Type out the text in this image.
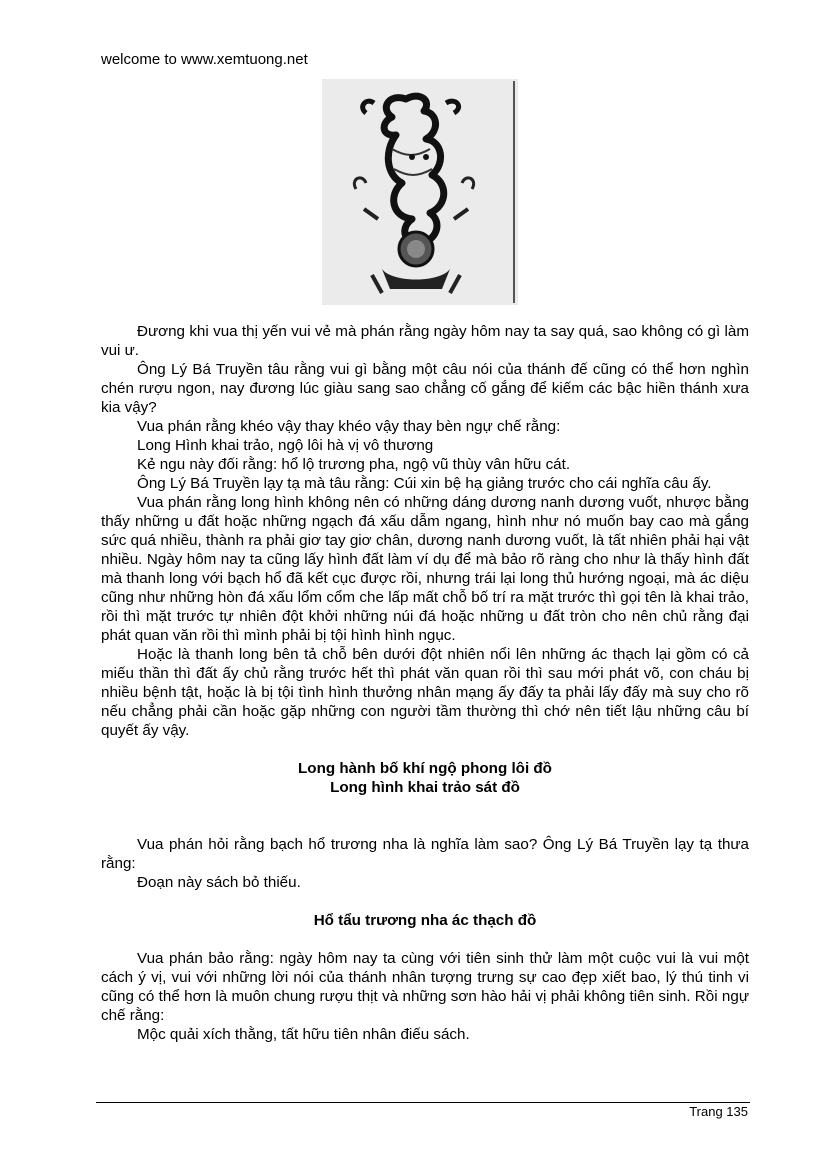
welcome to www.xemtuong.net

Đương khi vua thị yến vui vẻ mà phán rằng ngày hôm nay ta say quá, sao không có gì làm vui ư.

Ông Lý Bá Truyền tâu rằng vui gì bằng một câu nói của thánh đế cũng có thể hơn nghìn chén rượu ngon, nay đương lúc giàu sang sao chẳng cố gắng để kiếm các bậc hiền thánh xưa kia vậy?

Vua phán rằng khéo vậy thay khéo vậy thay bèn ngự chế rằng:

Long Hình khai trảo, ngộ lôi hà vị vô thương

Kẻ ngu này đối rằng: hổ lộ trương pha, ngộ vũ thùy vân hữu cát.

Ông Lý Bá Truyền lạy tạ mà tâu rằng: Cúi xin bệ hạ giảng trước cho cái nghĩa câu ấy.

Vua phán rằng long hình không nên có những dáng dương nanh dương vuốt, nhược bằng thấy những u đất hoặc những ngạch đá xấu dẫm ngang, hình như nó muốn bay cao mà gắng sức quá nhiều, thành ra phải giơ tay giơ chân, dương nanh dương vuốt, là tất nhiên phải hại vật nhiều. Ngày hôm nay ta cũng lấy hình đất làm ví dụ để mà bảo rõ ràng cho như là thấy hình đất mà thanh long với bạch hổ đã kết cục được rồi, nhưng trái lại long thủ hướng ngoại, mà ác diệu cũng như những hòn đá xấu lổm cổm che lấp mất chỗ bố trí ra mặt trước thì gọi tên là khai trảo, rồi thì mặt trước tự nhiên đột khởi những núi đá hoặc những u đất tròn cho nên chủ rằng đại phát quan văn rồi thì mình phải bị tội hình hình ngục.

Hoặc là thanh long bên tả chỗ bên dưới đột nhiên nổi lên những ác thạch lại gồm có cả miếu thần thì đất ấy chủ rằng trước hết thì phát văn quan rồi thì sau mới phát võ, con cháu bị nhiều bệnh tật, hoặc là bị tội tình hình thưởng nhân mạng ấy đấy ta phải lấy đấy mà suy cho rõ nếu chẳng phải cần hoặc gặp những con người tầm thường thì chớ nên tiết lậu những câu bí quyết ấy vậy.

Long hành bố khí ngộ phong lôi đồ

Long hình khai trảo sát đồ

Vua phán hỏi rằng bạch hổ trương nha là nghĩa làm sao? Ông Lý Bá Truyền lạy tạ thưa rằng:

Đoạn này sách bỏ thiếu.

Hổ tẩu trương nha ác thạch đồ

Vua phán bảo rằng: ngày hôm nay ta cùng với tiên sinh thử làm một cuộc vui là vui một cách ý vị, vui với những lời nói của thánh nhân tượng trưng sự cao đẹp xiết bao, lý thú tinh vi cũng có thể hơn là muôn chung rượu thịt và những sơn hào hải vị phải không tiên sinh. Rồi ngự chế rằng:

Mộc quải xích thằng, tất hữu tiên nhân điếu sách.

Trang 135
